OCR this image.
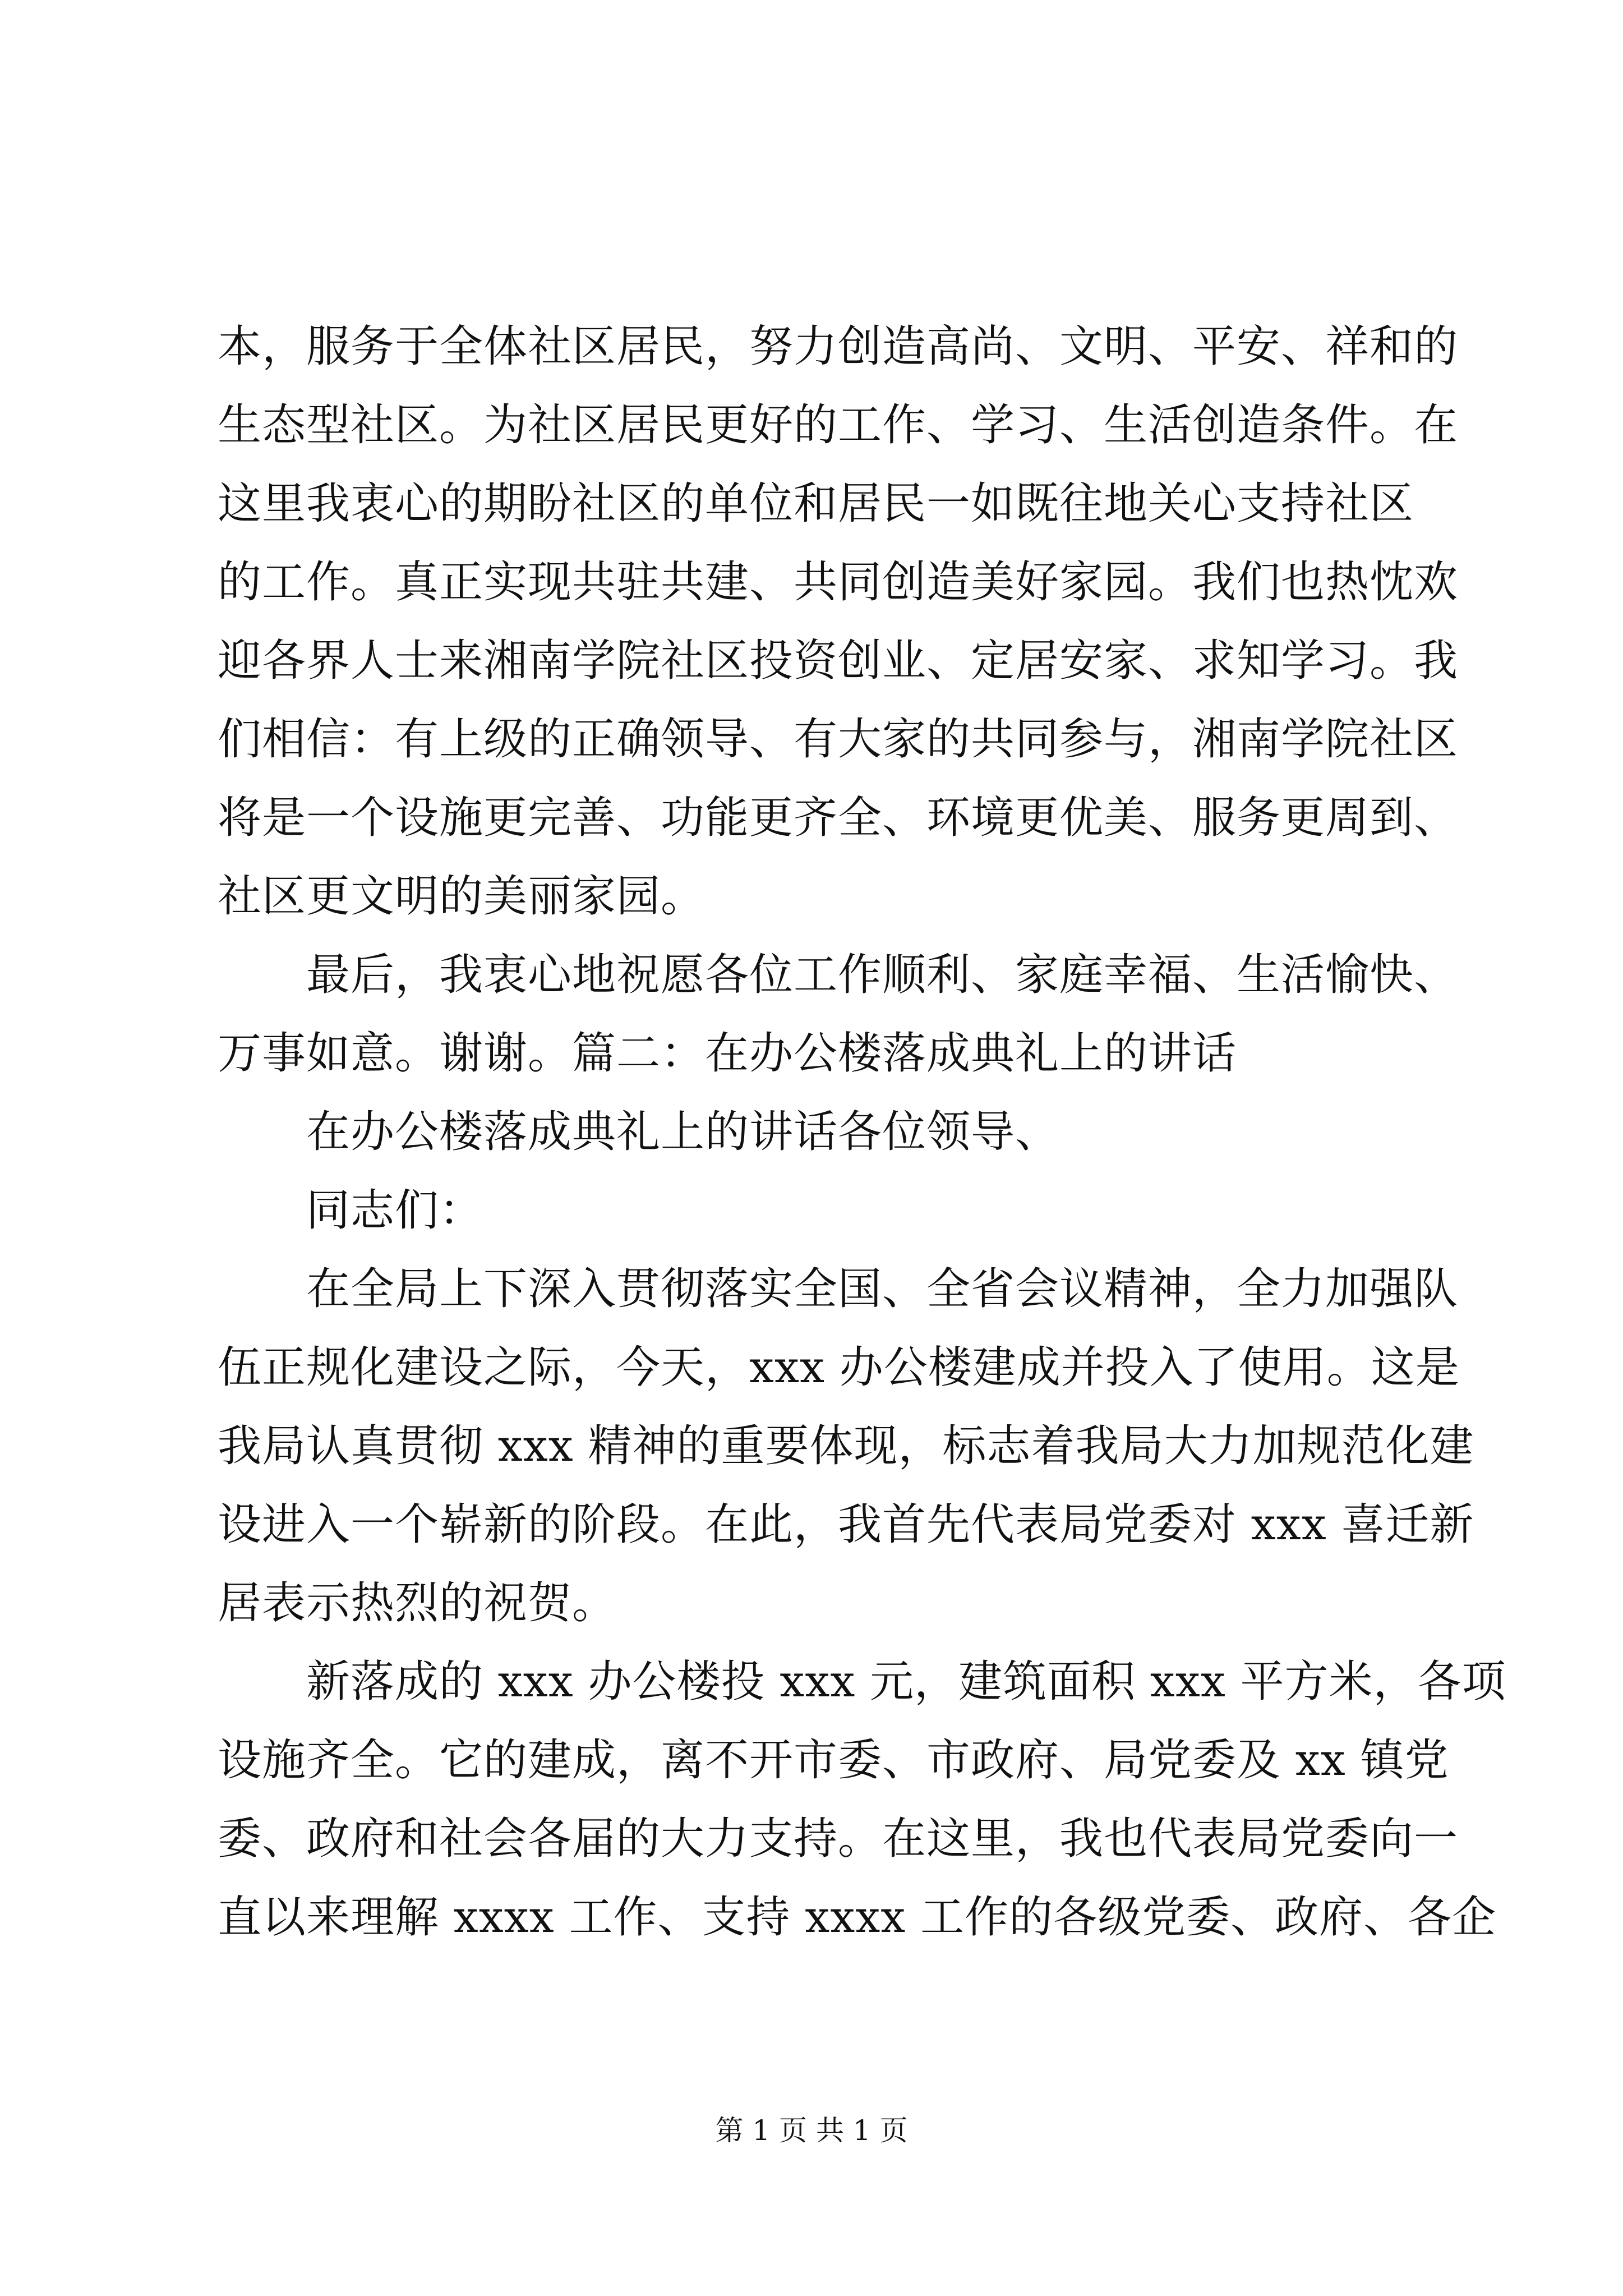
本，服务于全体社区居民，努力创造高尚、文明、平安、祥和的
生态型社区。为社区居民更好的工作、学习、生活创造条件。在
这里我衷心的期盼社区的单位和居民一如既往地关心支持社区
的工作。真正实现共驻共建、共同创造美好家园。我们也热忱欢
迎各界人士来湘南学院社区投资创业、定居安家、求知学习。我
们相信：有上级的正确领导、有大家的共同参与，湘南学院社区
将是一个设施更完善、功能更齐全、环境更优美、服务更周到、
社区更文明的美丽家园。
最后，我衷心地祝愿各位工作顺利、家庭幸福、生活愉快、
万事如意。谢谢。篇二：在办公楼落成典礼上的讲话
在办公楼落成典礼上的讲话各位领导、
同志们：
在全局上下深入贯彻落实全国、全省会议精神，全力加强队
伍正规化建设之际，今天，xxx 办公楼建成并投入了使用。这是
我局认真贯彻 xxx 精神的重要体现，标志着我局大力加规范化建
设进入一个崭新的阶段。在此，我首先代表局党委对 xxx 喜迁新
居表示热烈的祝贺。
新落成的 xxx 办公楼投 xxx 元，建筑面积 xxx 平方米，各项
设施齐全。它的建成，离不开市委、市政府、局党委及 xx 镇党
委、政府和社会各届的大力支持。在这里，我也代表局党委向一
直以来理解 xxxx 工作、支持 xxxx 工作的各级党委、政府、各企
第 1 页 共 1 页
